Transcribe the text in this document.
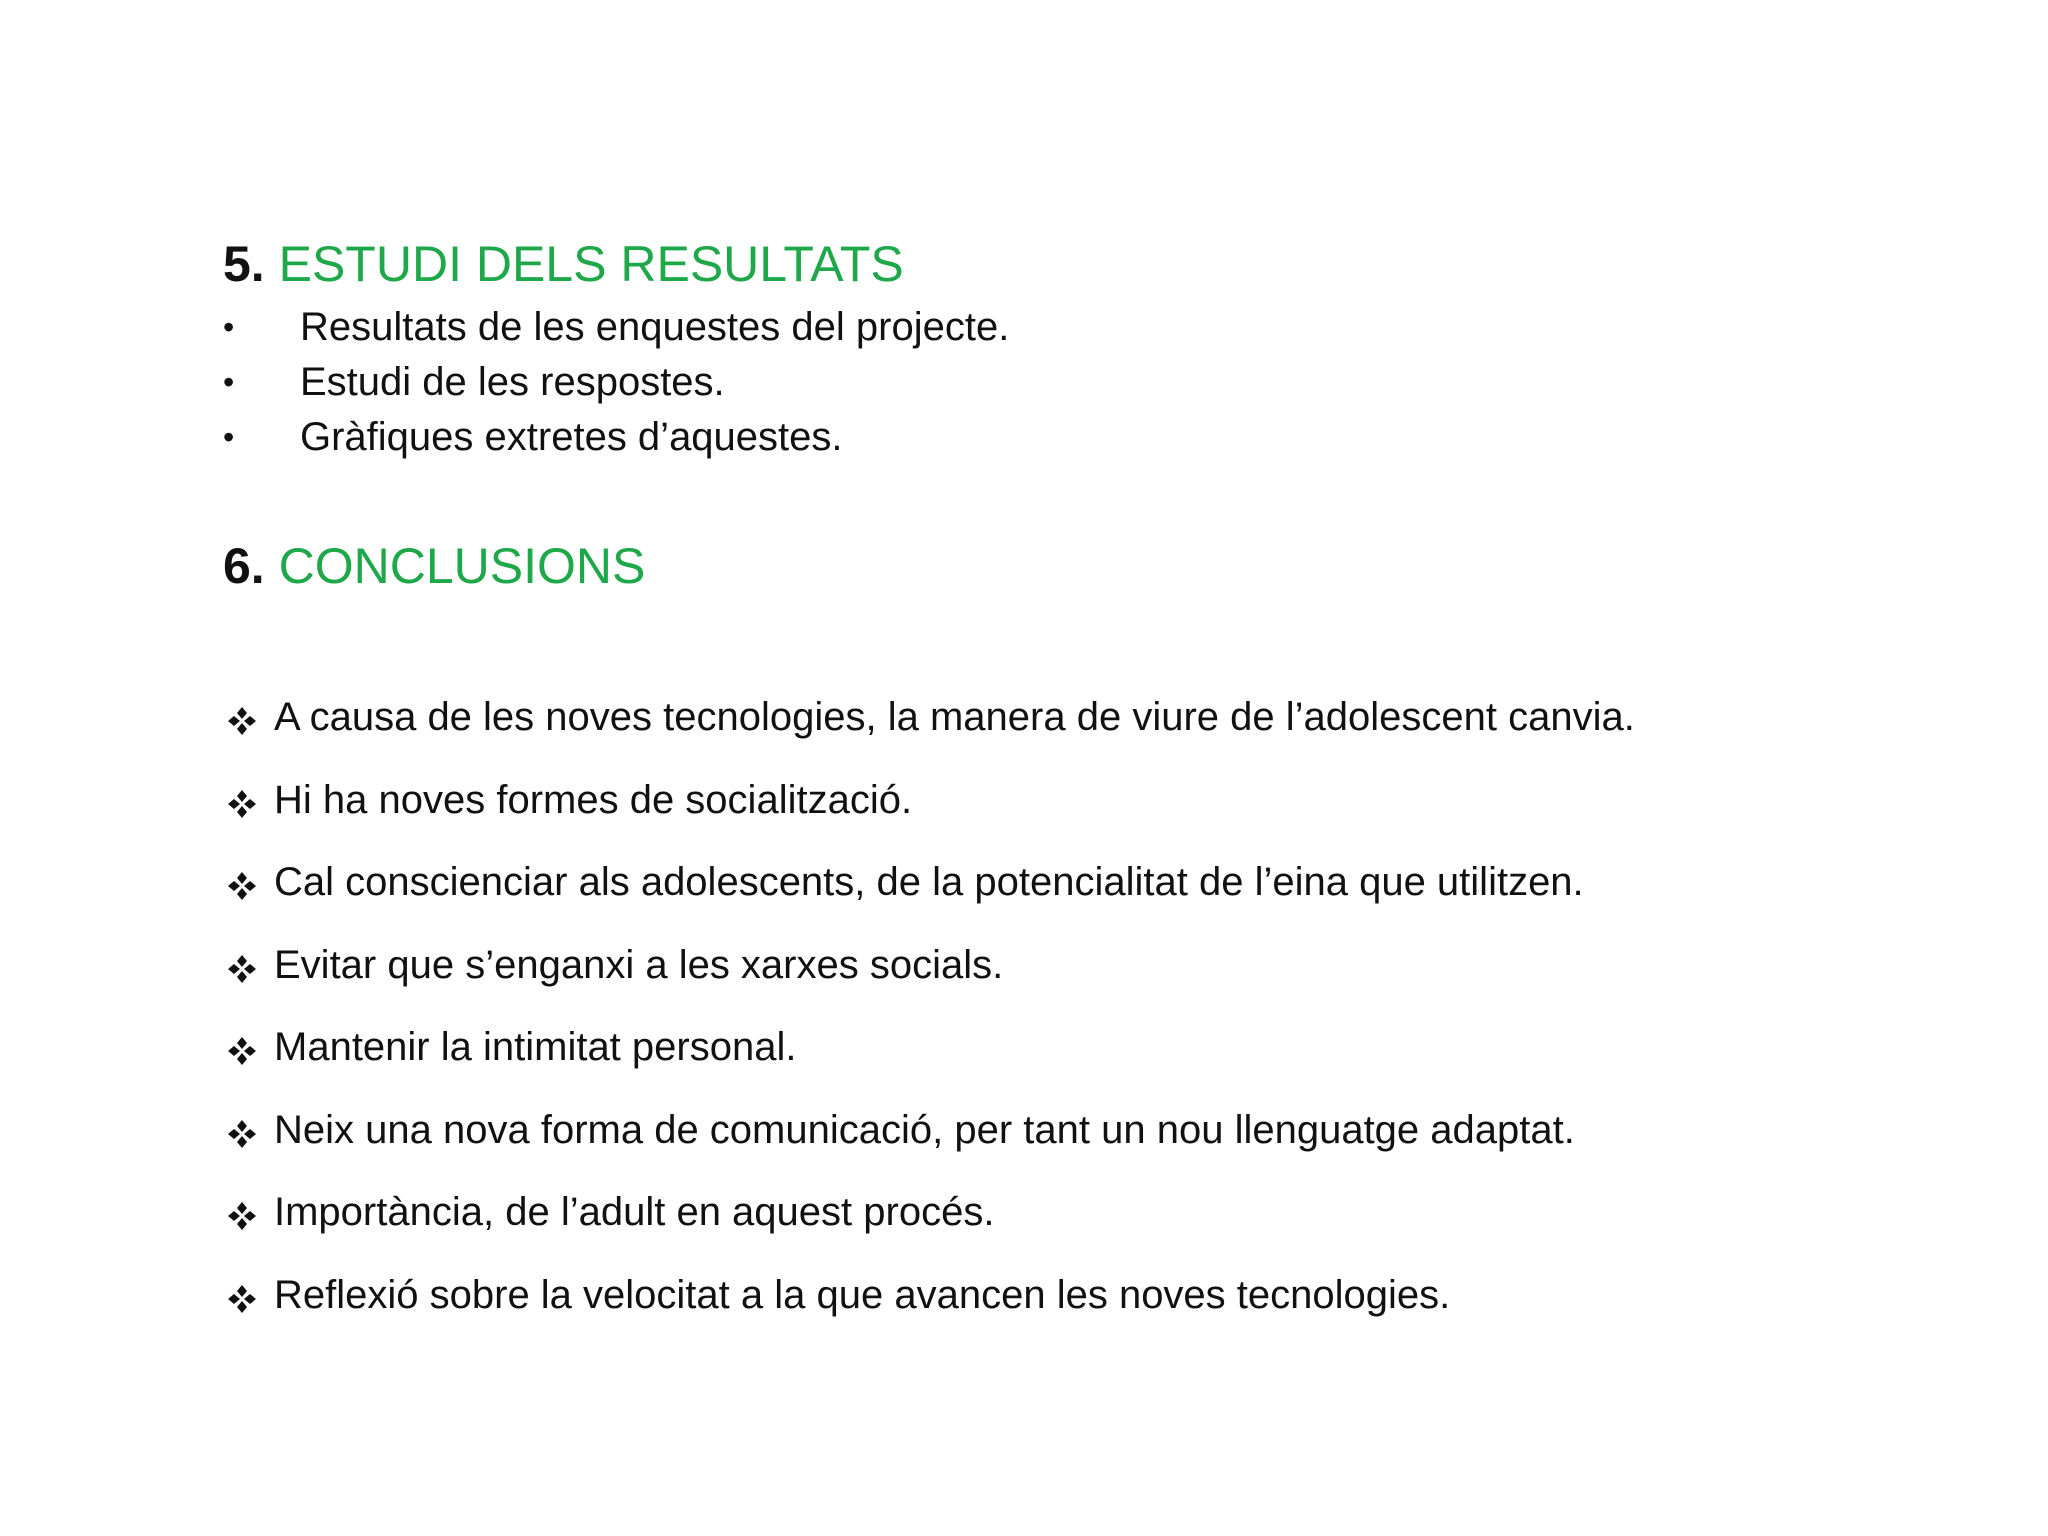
5. ESTUDI DELS RESULTATS
• Resultats de les enquestes del projecte.
• Estudi de les respostes.
• Gràfiques extretes d’aquestes.
6. CONCLUSIONS
A causa de les noves tecnologies, la manera de viure de l’adolescent canvia.
Hi ha noves formes de socialització.
Cal conscienciar als adolescents, de la potencialitat de l’eina que utilitzen.
Evitar que s’enganxi a les xarxes socials.
Mantenir la intimitat personal.
Neix una nova forma de comunicació, per tant un nou llenguatge adaptat.
Importància, de l’adult en aquest procés.
Reflexió sobre la velocitat a la que avancen les noves tecnologies.
